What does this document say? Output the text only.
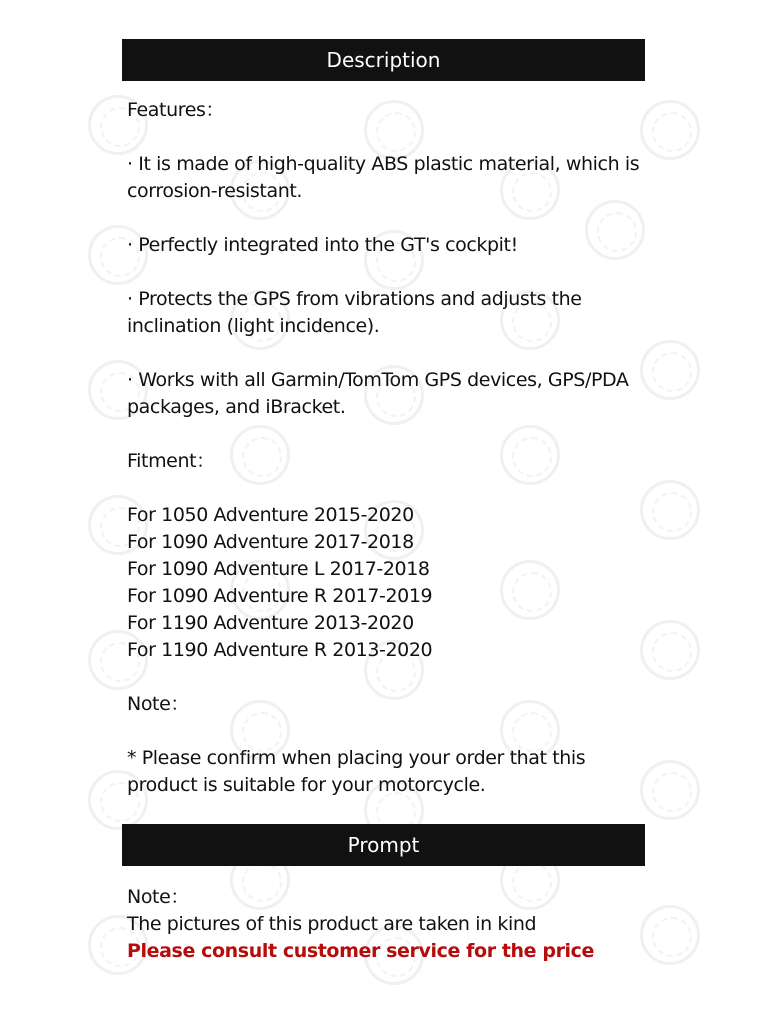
Description

Features：

· It is made of high-quality ABS plastic material, which is corrosion-resistant.

· Perfectly integrated into the GT's cockpit!

· Protects the GPS from vibrations and adjusts the inclination (light incidence).

· Works with all Garmin/TomTom GPS devices, GPS/PDA packages, and iBracket.

Fitment：

For 1050 Adventure 2015-2020

For 1090 Adventure 2017-2018

For 1090 Adventure L 2017-2018

For 1090 Adventure R 2017-2019

For 1190 Adventure 2013-2020

For 1190 Adventure R 2013-2020

Note：

* Please confirm when placing your order that this product is suitable for your motorcycle.

Prompt

Note：

The pictures of this product are taken in kind

Please consult customer service for the price
